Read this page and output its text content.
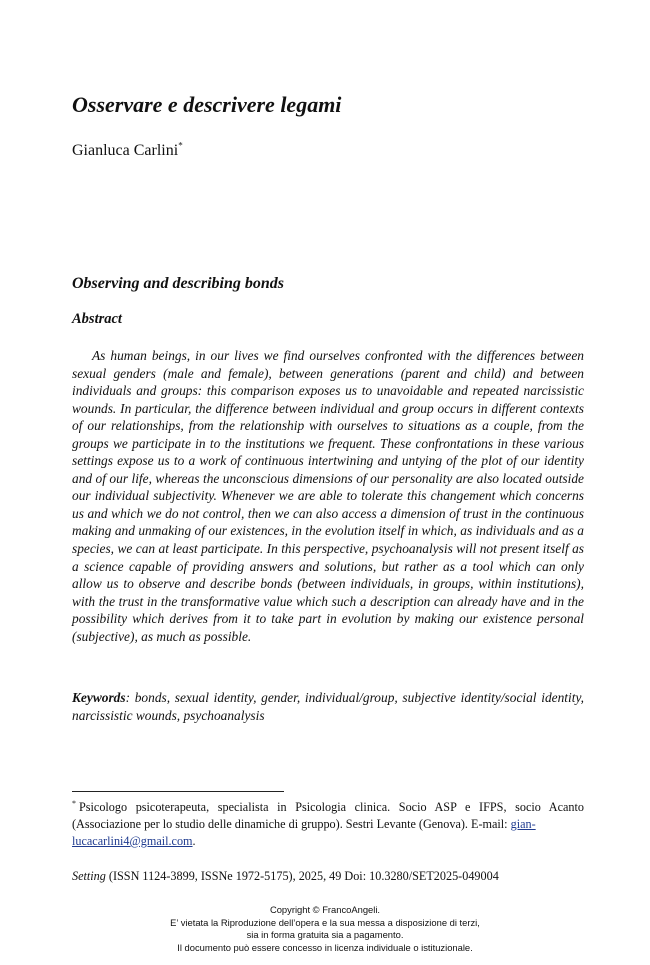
Osservare e descrivere legami
Gianluca Carlini*
Observing and describing bonds
Abstract

As human beings, in our lives we find ourselves confronted with the differences between sexual genders (male and female), between generations (parent and child) and between individuals and groups: this comparison exposes us to unavoidable and repeated narcissistic wounds. In particular, the difference between individual and group occurs in different contexts of our relationships, from the relationship with ourselves to situations as a couple, from the groups we participate in to the institutions we frequent. These confrontations in these various settings expose us to a work of continuous intertwining and untying of the plot of our identity and of our life, whereas the unconscious dimensions of our personality are also located outside our individual subjectivity. Whenever we are able to tolerate this changement which concerns us and which we do not control, then we can also access a dimension of trust in the continuous making and unmaking of our existences, in the evolution itself in which, as individuals and as a species, we can at least participate. In this perspective, psychoanalysis will not present itself as a science capable of providing answers and solutions, but rather as a tool which can only allow us to observe and describe bonds (between individuals, in groups, within institutions), with the trust in the transformative value which such a description can already have and in the possibility which derives from it to take part in evolution by making our existence personal (subjective), as much as possible.

Keywords: bonds, sexual identity, gender, individual/group, subjective identity/social identity, narcissistic wounds, psychoanalysis

* Psicologo psicoterapeuta, specialista in Psicologia clinica. Socio ASP e IFPS, socio Acanto (Associazione per lo studio delle dinamiche di gruppo). Sestri Levante (Genova). E-mail: gian-
lucacarlini4@gmail.com.

Setting (ISSN 1124-3899, ISSNe 1972-5175), 2025, 49 Doi: 10.3280/SET2025-049004

Copyright © FrancoAngeli.
E’ vietata la Riproduzione dell’opera e la sua messa a disposizione di terzi,
sia in forma gratuita sia a pagamento.
Il documento può essere concesso in licenza individuale o istituzionale.
